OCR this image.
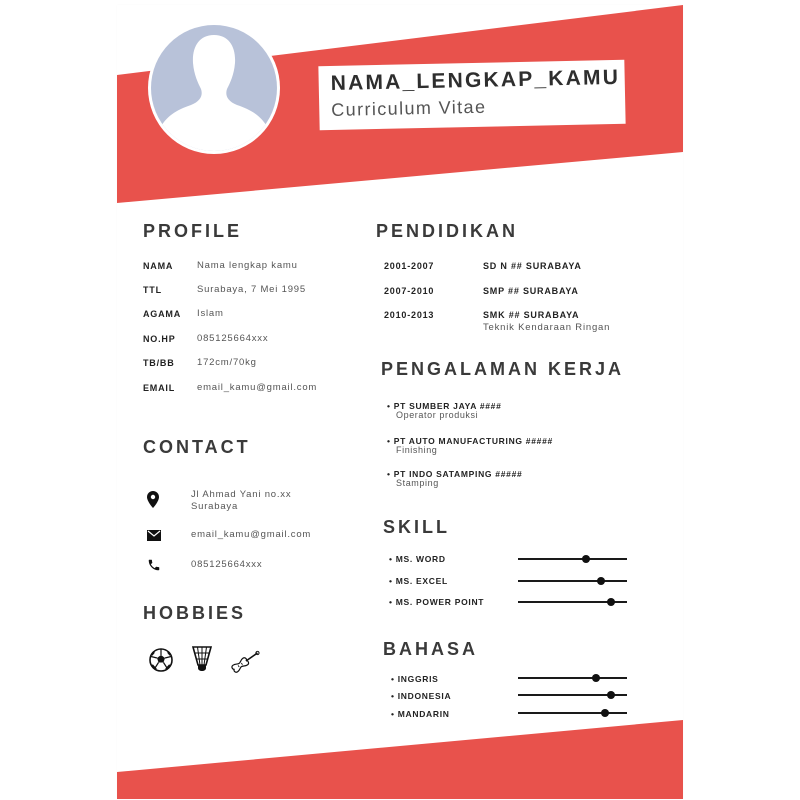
NAMA_LENGKAP_KAMU
Curriculum Vitae
PROFILE
NAMA	Nama lengkap kamu
TTL	Surabaya, 7 Mei 1995
AGAMA Islam
NO.HP 085125664xxx
TB/BB 172cm/70kg
EMAIL email_kamu@gmail.com
CONTACT
Jl Ahmad Yani no.xx
Surabaya
email_kamu@gmail.com
085125664xxx
HOBBIES
PENDIDIKAN
2001-2007	SD N ## SURABAYA
2007-2010	SMP ## SURABAYA
2010-2013	SMK ## SURABAYA
Teknik Kendaraan Ringan
PENGALAMAN KERJA
• PT SUMBER JAYA ####
Operator produksi
• PT AUTO MANUFACTURING #####
Finishing
• PT INDO SATAMPING #####
Stamping
SKILL
• MS. WORD
• MS. EXCEL
• MS. POWER POINT
BAHASA
• INGGRIS
• INDONESIA
• MANDARIN
